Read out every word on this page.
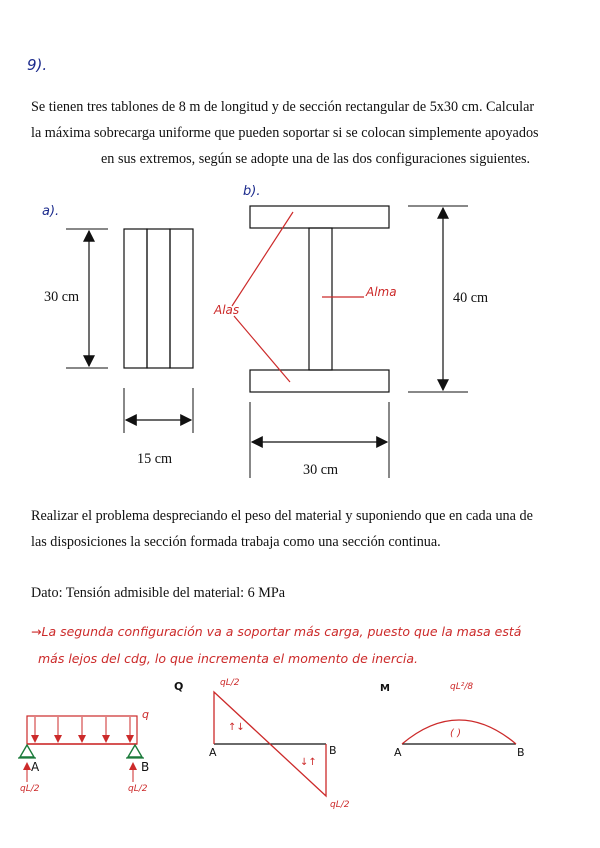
9).
Se tienen tres tablones de 8 m de longitud y de sección rectangular de 5x30 cm. Calcular
la máxima sobrecarga uniforme que pueden soportar si se colocan simplemente apoyados
en sus extremos, según se adopte una de las dos configuraciones siguientes.
a).
30 cm
15 cm
b).
Alma
Alas
40 cm
30 cm
Realizar el problema despreciando el peso del material y suponiendo que en cada una de
las disposiciones la sección formada trabaja como una sección continua.
Dato: Tensión admisible del material: 6 MPa
→La segunda configuración va a soportar más carga, puesto que la masa está
más lejos del cdg, lo que incrementa el momento de inercia.
q
A	B
qL/2	qL/2
Q	qL/2
↑↓
↓↑
A	B
qL/2
M	qL²/8
( )
A	B
